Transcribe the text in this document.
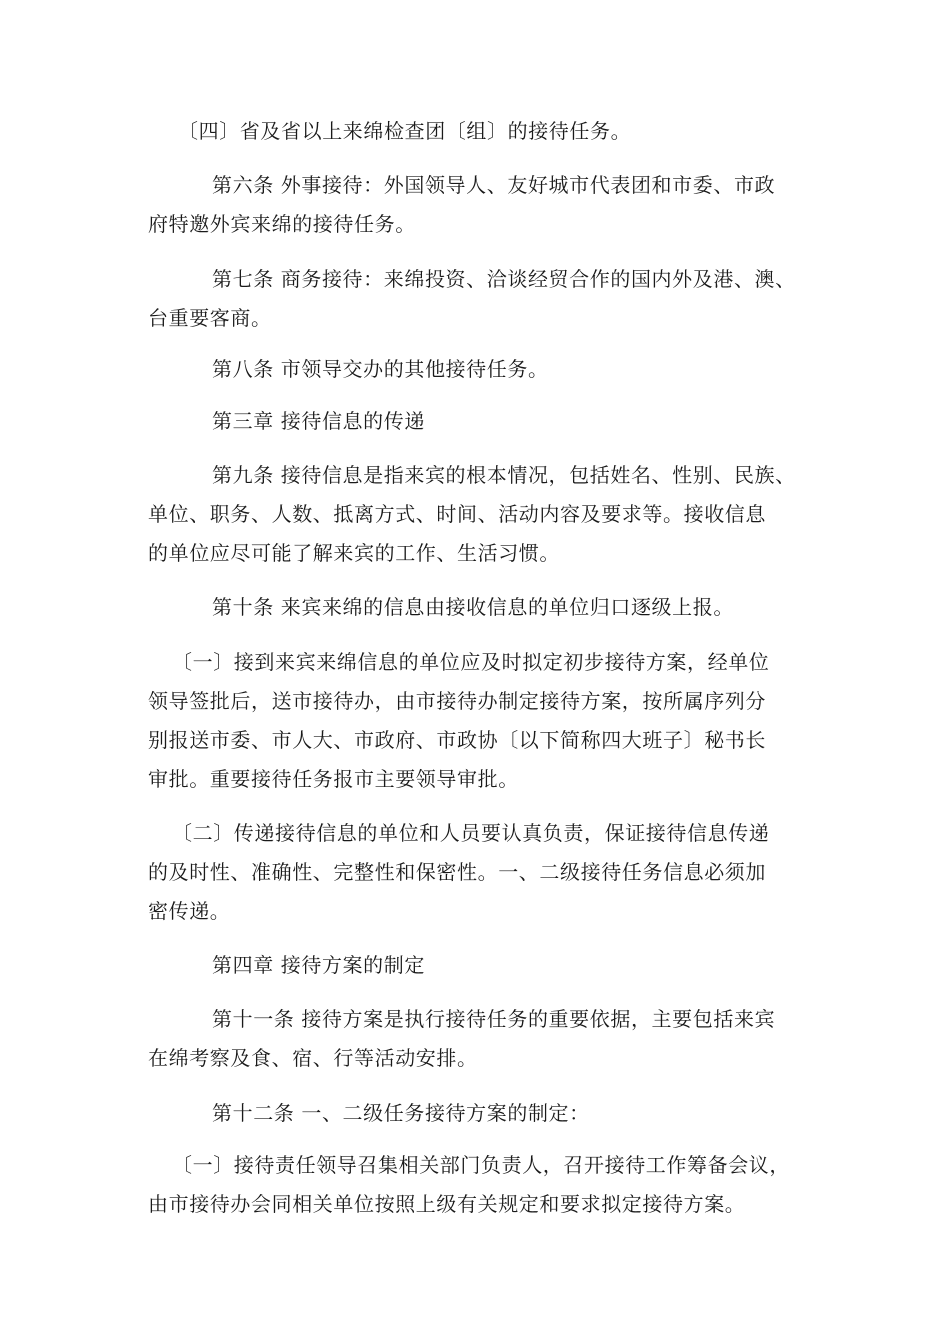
〔四〕省及省以上来绵检查团〔组〕的接待任务。
第六条 外事接待：外国领导人、友好城市代表团和市委、市政
府特邀外宾来绵的接待任务。
第七条 商务接待：来绵投资、洽谈经贸合作的国内外及港、澳、
台重要客商。
第八条 市领导交办的其他接待任务。
第三章 接待信息的传递
第九条 接待信息是指来宾的根本情况，包括姓名、性别、民族、
单位、职务、人数、抵离方式、时间、活动内容及要求等。接收信息
的单位应尽可能了解来宾的工作、生活习惯。
第十条 来宾来绵的信息由接收信息的单位归口逐级上报。
〔一〕接到来宾来绵信息的单位应及时拟定初步接待方案，经单位
领导签批后，送市接待办，由市接待办制定接待方案，按所属序列分
别报送市委、市人大、市政府、市政协〔以下简称四大班子〕秘书长
审批。重要接待任务报市主要领导审批。
〔二〕传递接待信息的单位和人员要认真负责，保证接待信息传递
的及时性、准确性、完整性和保密性。一、二级接待任务信息必须加
密传递。
第四章 接待方案的制定
第十一条 接待方案是执行接待任务的重要依据，主要包括来宾
在绵考察及食、宿、行等活动安排。
第十二条 一、二级任务接待方案的制定：
〔一〕接待责任领导召集相关部门负责人，召开接待工作筹备会议，
由市接待办会同相关单位按照上级有关规定和要求拟定接待方案。
